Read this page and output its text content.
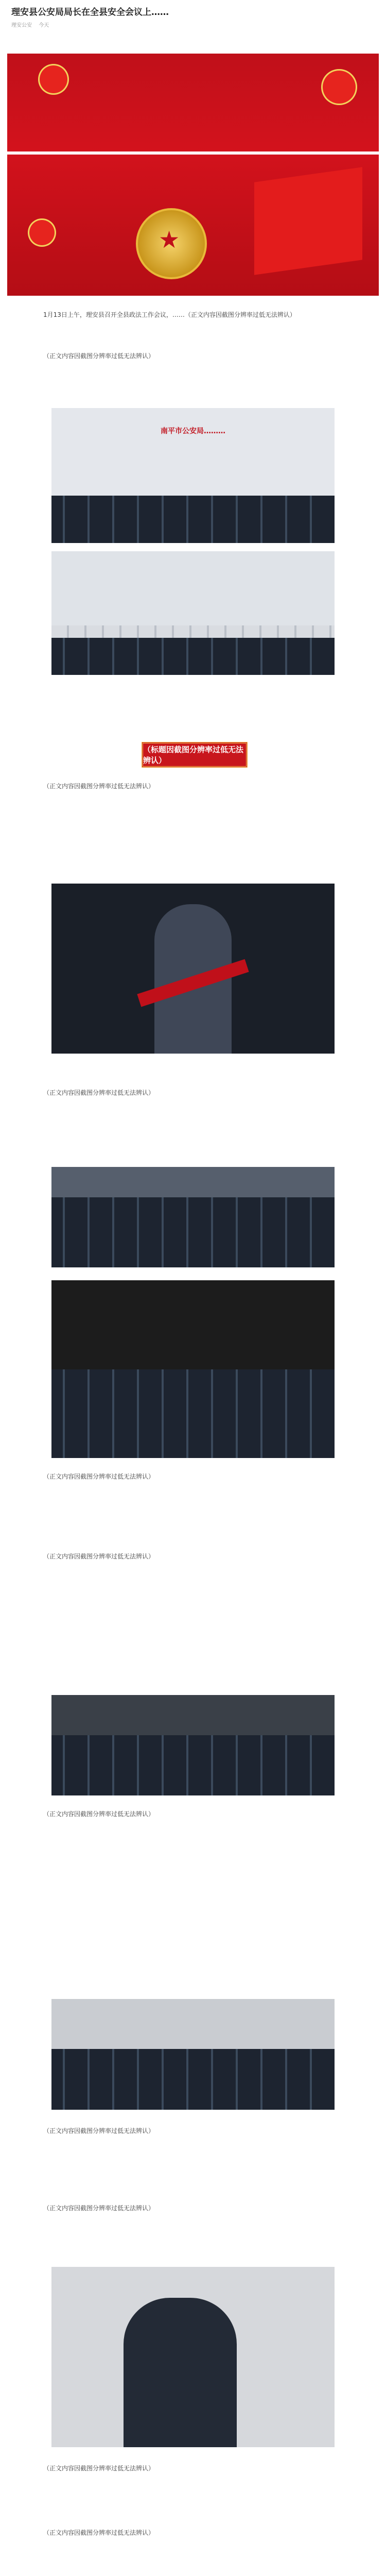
理安县公安局局长在全县安全会议上……
理安公安 今天
★
1月13日上午，理安县召开全县政法工作会议，……（正文内容因截图分辨率过低无法辨认）
（正文内容因截图分辨率过低无法辨认）
南平市公安局………
（标题因截图分辨率过低无法辨认）
（正文内容因截图分辨率过低无法辨认）
（正文内容因截图分辨率过低无法辨认）
（正文内容因截图分辨率过低无法辨认）
（正文内容因截图分辨率过低无法辨认）
（正文内容因截图分辨率过低无法辨认）
（正文内容因截图分辨率过低无法辨认）
（正文内容因截图分辨率过低无法辨认）
（正文内容因截图分辨率过低无法辨认）
（正文内容因截图分辨率过低无法辨认）
